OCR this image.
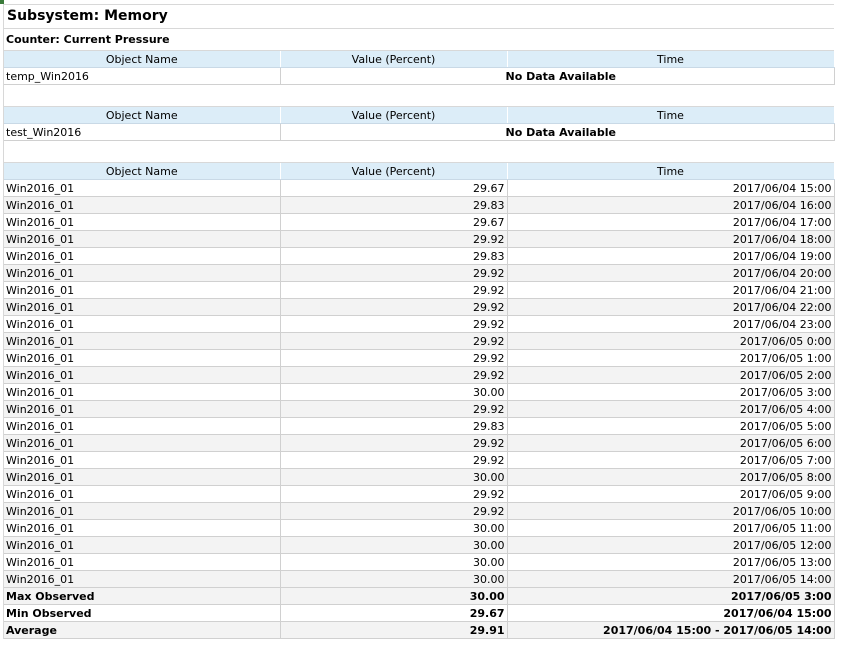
Subsystem: Memory
Counter: Current Pressure
Object Name	Value (Percent)	Time
temp_Win2016	No Data Available	
Object Name	Value (Percent)	Time
test_Win2016	No Data Available	
Object Name	Value (Percent)	Time
Win2016_01	29.67	2017/06/04 15:00
Win2016_01	29.83	2017/06/04 16:00
Win2016_01	29.67	2017/06/04 17:00
Win2016_01	29.92	2017/06/04 18:00
Win2016_01	29.83	2017/06/04 19:00
Win2016_01	29.92	2017/06/04 20:00
Win2016_01	29.92	2017/06/04 21:00
Win2016_01	29.92	2017/06/04 22:00
Win2016_01	29.92	2017/06/04 23:00
Win2016_01	29.92	2017/06/05 0:00
Win2016_01	29.92	2017/06/05 1:00
Win2016_01	29.92	2017/06/05 2:00
Win2016_01	30.00	2017/06/05 3:00
Win2016_01	29.92	2017/06/05 4:00
Win2016_01	29.83	2017/06/05 5:00
Win2016_01	29.92	2017/06/05 6:00
Win2016_01	29.92	2017/06/05 7:00
Win2016_01	30.00	2017/06/05 8:00
Win2016_01	29.92	2017/06/05 9:00
Win2016_01	29.92	2017/06/05 10:00
Win2016_01	30.00	2017/06/05 11:00
Win2016_01	30.00	2017/06/05 12:00
Win2016_01	30.00	2017/06/05 13:00
Win2016_01	30.00	2017/06/05 14:00
Max Observed	30.00	2017/06/05 3:00
Min Observed	29.67	2017/06/04 15:00
Average	29.91	2017/06/04 15:00 - 2017/06/05 14:00
